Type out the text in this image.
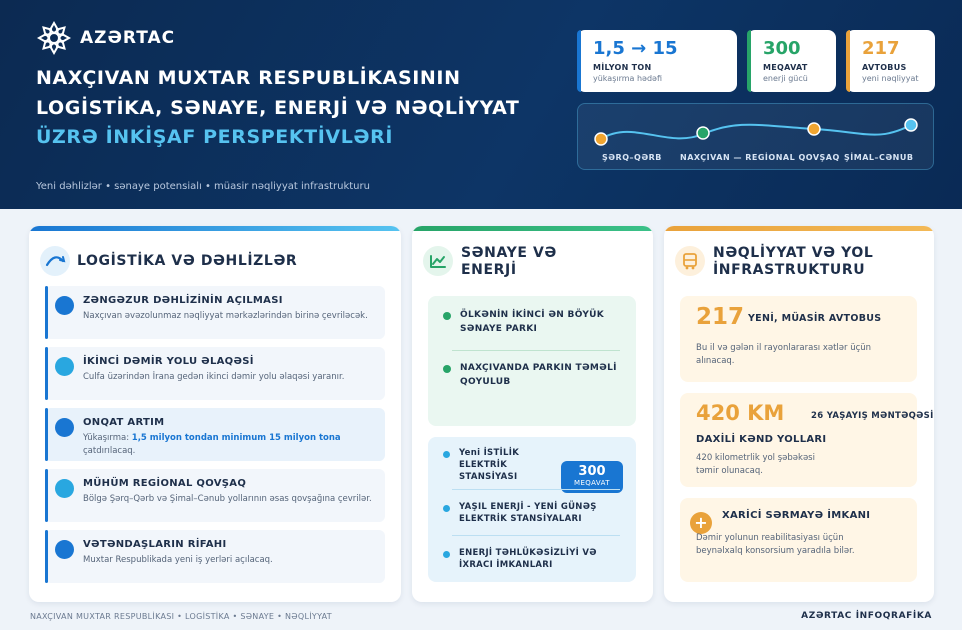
AZƏRTAC
NAXÇIVAN MUXTAR RESPUBLİKASININ
LOGİSTİKA, SƏNAYE, ENERJİ VƏ NƏQLİYYAT
ÜZRƏ İNKİŞAF PERSPEKTİVLƏRİ
Yeni dəhlizlər • sənaye potensialı • müasir nəqliyyat infrastrukturu
1,5 → 15
MİLYON TON
yükaşırma hədəfi
300
MEQAVAT
enerji gücü
217
AVTOBUS
yeni nəqliyyat
ŞƏRQ–QƏRB NAXÇIVAN — REGİONAL QOVŞAQ ŞİMAL–CƏNUB
LOGİSTİKA VƏ DƏHLİZLƏR
ZƏNGƏZUR DƏHLİZİNİN AÇILMASI
Naxçıvan əvəzolunmaz nəqliyyat mərkəzlərindən birinə çevriləcək.
İKİNCİ DƏMİR YOLU ƏLAQƏSİ
Culfa üzərindən İrana gedən ikinci dəmir yolu əlaqəsi yaranır.
ONQAT ARTIM
Yükaşırma: 1,5 milyon tondan minimum 15 milyon tona çatdırılacaq.
MÜHÜM REGİONAL QOVŞAQ
Bölgə Şərq–Qərb və Şimal–Cənub yollarının əsas qovşağına çevrilər.
VƏTƏNDAŞLARIN RİFAHI
Muxtar Respublikada yeni iş yerləri açılacaq.
SƏNAYE VƏ
ENERJİ
ÖLKƏNİN İKİNCİ ƏN BÖYÜK SƏNAYE PARKI
NAXÇIVANDA PARKIN TƏMƏLİ QOYULUB
Yeni İSTİLİK ELEKTRİK STANSİYASI	300
MEQAVAT
YAŞIL ENERJİ - YENİ GÜNƏŞ ELEKTRİK STANSİYALARI
ENERJİ TƏHLÜKƏSİZLİYİ VƏ İXRACI İMKANLARI
NƏQLİYYAT VƏ YOL
İNFRASTRUKTURU
217 YENİ, MÜASİR AVTOBUS
Bu il və gələn il rayonlararası xətlər üçün alınacaq.
420 KM	26 YAŞAYIŞ MƏNTƏQƏSİ
DAXİLİ KƏND YOLLARI
420 kilometrlik yol şəbəkəsi təmir olunacaq.
+	XARİCİ SƏRMAYƏ İMKANI
Dəmir yolunun reabilitasiyası üçün beynəlxalq konsorsium yaradıla bilər.
NAXÇIVAN MUXTAR RESPUBLİKASI • LOGİSTİKA • SƏNAYE • NƏQLİYYAT	AZƏRTAC İNFOQRAFİKA
